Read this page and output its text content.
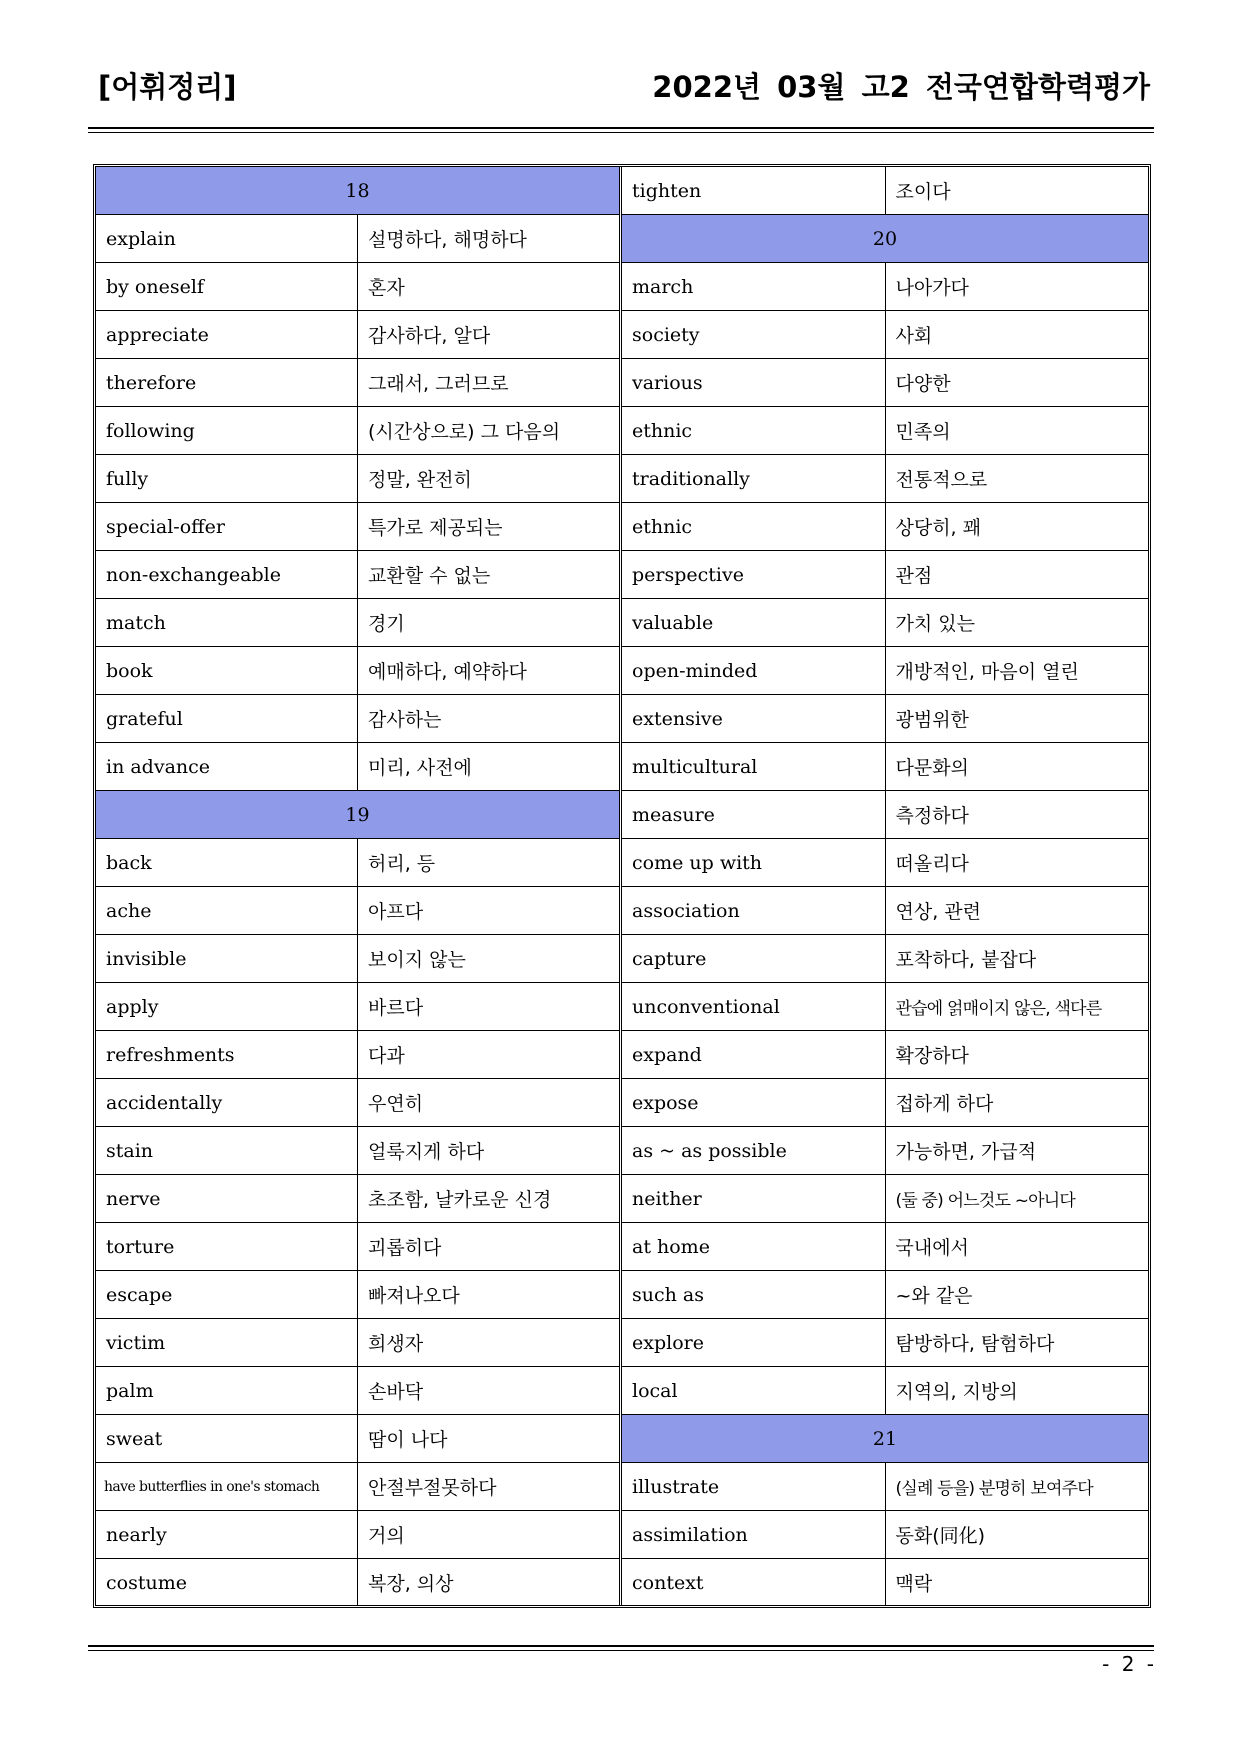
[어휘정리]	2022년 03월 고2 전국연합학력평가
18	
explain	설명하다, 해명하다
by oneself	혼자
appreciate	감사하다, 알다
therefore	그래서, 그러므로
following	(시간상으로) 그 다음의
fully	정말, 완전히
special-offer	특가로 제공되는
non-exchangeable	교환할 수 없는
match	경기
book	예매하다, 예약하다
grateful	감사하는
in advance	미리, 사전에
19	
back	허리, 등
ache	아프다
invisible	보이지 않는
apply	바르다
refreshments	다과
accidentally	우연히
stain	얼룩지게 하다
nerve	초조함, 날카로운 신경
torture	괴롭히다
escape	빠져나오다
victim	희생자
palm	손바닥
sweat	땀이 나다
have butterflies in one's stomach	안절부절못하다
nearly	거의
costume	복장, 의상
tighten	조이다
20	
march	나아가다
society	사회
various	다양한
ethnic	민족의
traditionally	전통적으로
ethnic	상당히, 꽤
perspective	관점
valuable	가치 있는
open-minded	개방적인, 마음이 열린
extensive	광범위한
multicultural	다문화의
measure	측정하다
come up with	떠올리다
association	연상, 관련
capture	포착하다, 붙잡다
unconventional	관습에 얽매이지 않은, 색다른
expand	확장하다
expose	접하게 하다
as ~ as possible	가능하면, 가급적
neither	(둘 중) 어느것도 ~아니다
at home	국내에서
such as	~와 같은
explore	탐방하다, 탐험하다
local	지역의, 지방의
21	
illustrate	(실례 등을) 분명히 보여주다
assimilation	동화(同化)
context	맥락
- 2 -
